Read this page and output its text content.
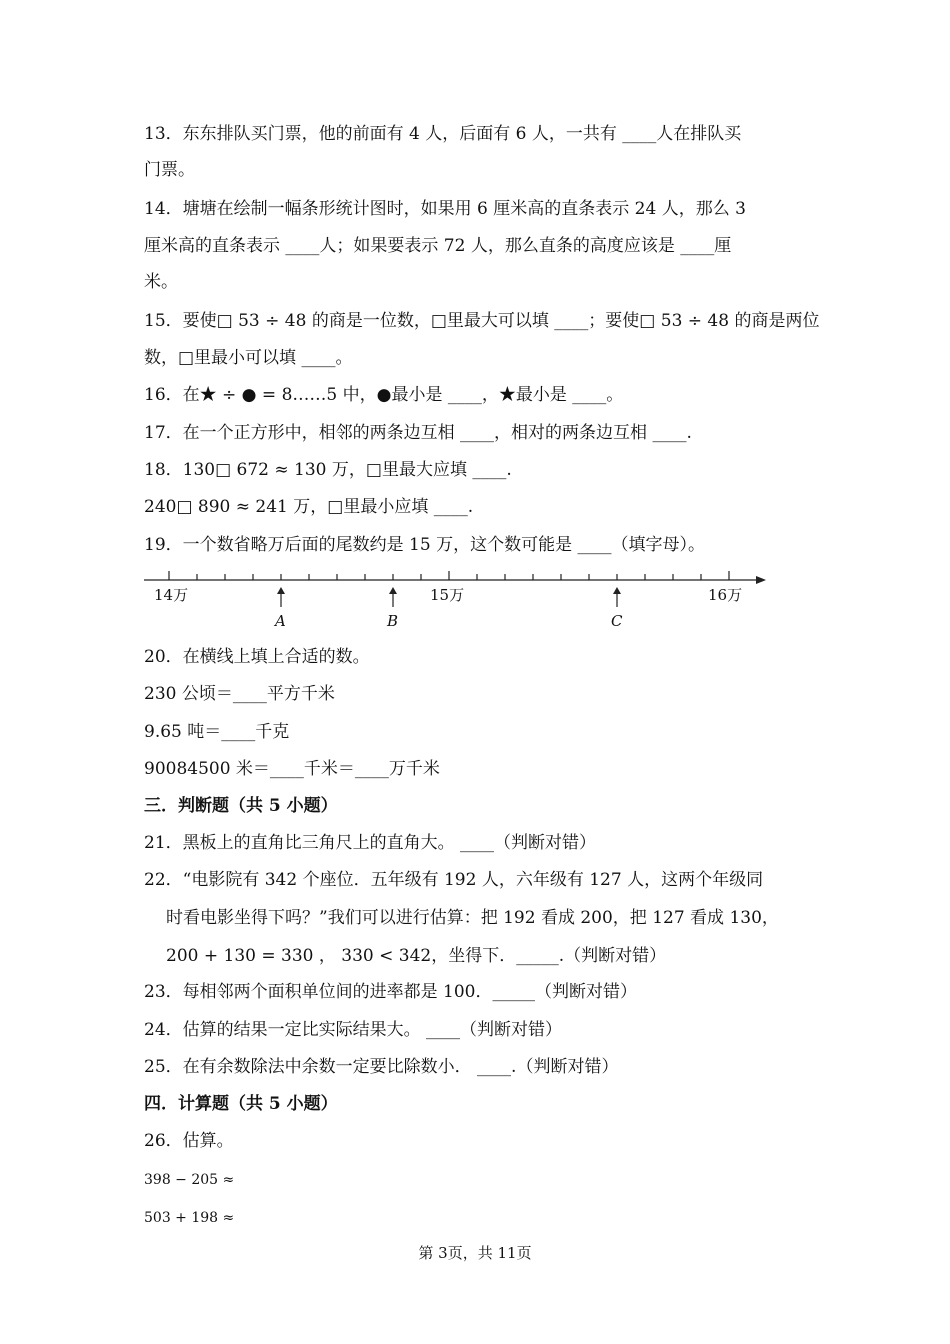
13．东东排队买门票，他的前面有 4 人，后面有 6 人，一共有 ____人在排队买
门票。
14．塘塘在绘制一幅条形统计图时，如果用 6 厘米高的直条表示 24 人，那么 3
厘米高的直条表示 ____人；如果要表示 72 人，那么直条的高度应该是 ____厘
米。
15．要使□ 53 ÷ 48 的商是一位数，□里最大可以填 ____；要使□ 53 ÷ 48 的商是两位
数，□里最小可以填 ____。
16．在★ ÷ ● = 8……5 中，●最小是 ____，★最小是 ____。
17．在一个正方形中，相邻的两条边互相 ____，相对的两条边互相 ____.
18．130□ 672 ≈ 130 万，□里最大应填 ____.
240□ 890 ≈ 241 万，□里最小应填 ____.
19．一个数省略万后面的尾数约是 15 万，这个数可能是 ____（填字母）。
14万	15万	16万
A	B	C
20．在横线上填上合适的数。
230 公顷＝____平方千米
9.65 吨＝____千克
90084500 米＝____千米＝____万千米
三．判断题（共 5 小题）
21．黑板上的直角比三角尺上的直角大。 ____（判断对错）
22．“电影院有 342 个座位．五年级有 192 人，六年级有 127 人，这两个年级同
时看电影坐得下吗？”我们可以进行估算：把 192 看成 200，把 127 看成 130，
200 + 130 = 330 ， 330 < 342，坐得下．_____.（判断对错）
23．每相邻两个面积单位间的进率都是 100．_____（判断对错）
24．估算的结果一定比实际结果大。 ____（判断对错）
25．在有余数除法中余数一定要比除数小． ____.（判断对错）
四．计算题（共 5 小题）
26．估算。
398 − 205 ≈
503 + 198 ≈
第 3页，共 11页
